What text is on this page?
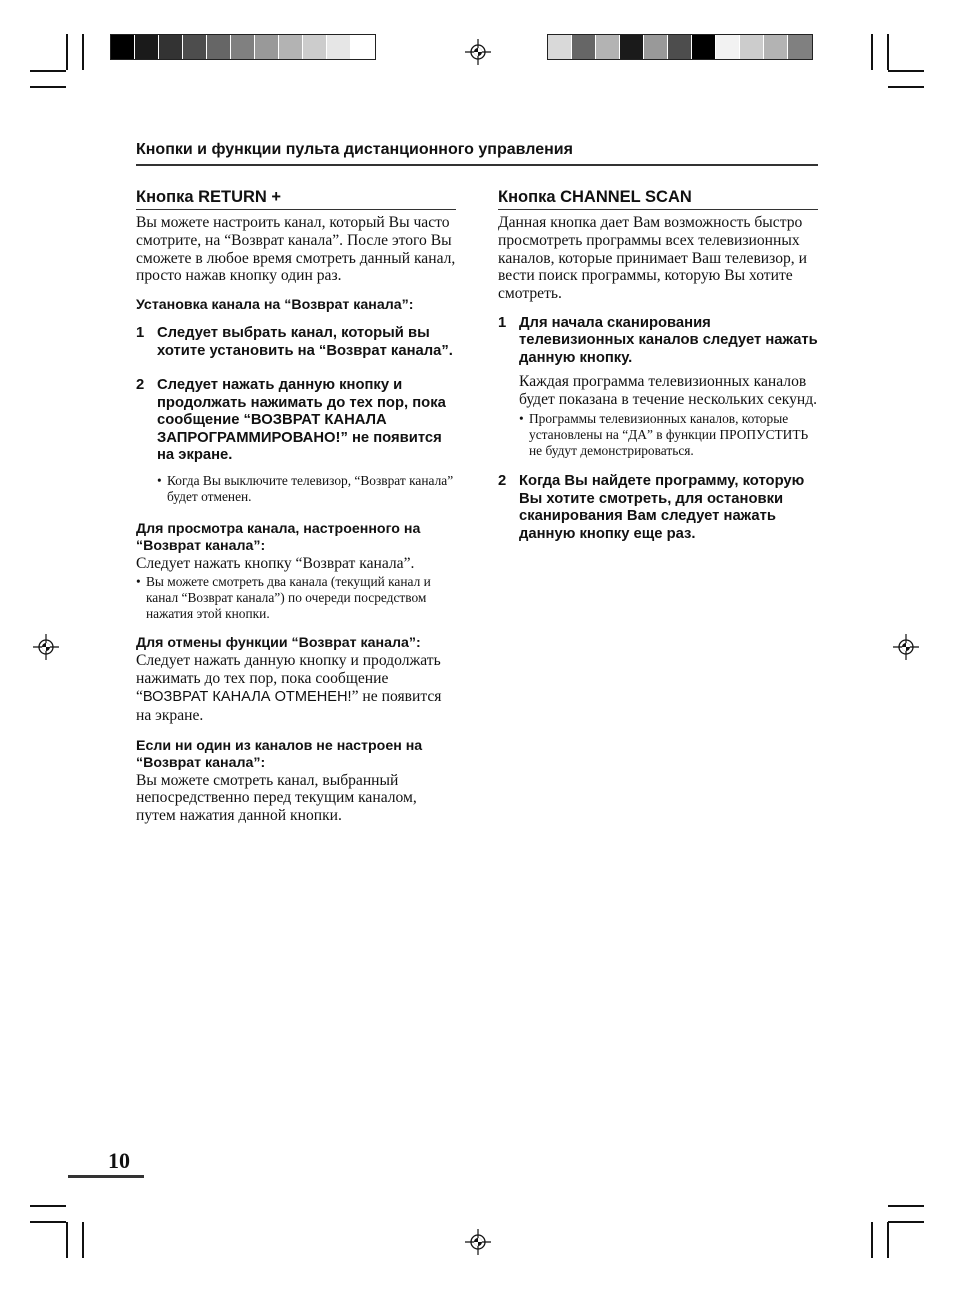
Кнопки и функции пульта дистанционного управления
Кнопка RETURN +

Вы можете настроить канал, который Вы часто смотрите, на “Возврат канала”. После этого Вы сможете в любое время смотреть данный канал, просто нажав кнопку один раз.

Установка канала на “Возврат канала”:

1 Следует выбрать канал, который вы хотите установить на “Возврат канала”.
2 Следует нажать данную кнопку и продолжать нажимать до тех пор, пока сообщение “ВОЗВРАТ КАНАЛА ЗАПРОГРАММИРОВАНО!” не появится на экране.
• Когда Вы выключите телевизор, “Возврат канала” будет отменен.

Для просмотра канала, настроенного на “Возврат канала”:

Следует нажать кнопку “Возврат канала”.

• Вы можете смотреть два канала (текущий канал и канал “Возврат канала”) по очереди посредством нажатия этой кнопки.

Для отмены функции “Возврат канала”:

Следует нажать данную кнопку и продолжать нажимать до тех пор, пока сообщение “ВОЗВРАТ КАНАЛА ОТМЕНЕН!” не появится на экране.

Если ни один из каналов не настроен на “Возврат канала”:

Вы можете смотреть канал, выбранный непосредственно перед текущим каналом, путем нажатия данной кнопки.

Кнопка CHANNEL SCAN

Данная кнопка дает Вам возможность быстро просмотреть программы всех телевизионных каналов, которые принимает Ваш телевизор, и вести поиск программы, которую Вы хотите смотреть.

1 Для начала сканирования телевизионных каналов следует нажать данную кнопку.

Каждая программа телевизионных каналов будет показана в течение нескольких секунд.

• Программы телевизионных каналов, которые установлены на “ДА” в функции ПРОПУСТИТЬ не будут демонстрироваться.
2 Когда Вы найдете программу, которую Вы хотите смотреть, для остановки сканирования Вам следует нажать данную кнопку еще раз.
10
